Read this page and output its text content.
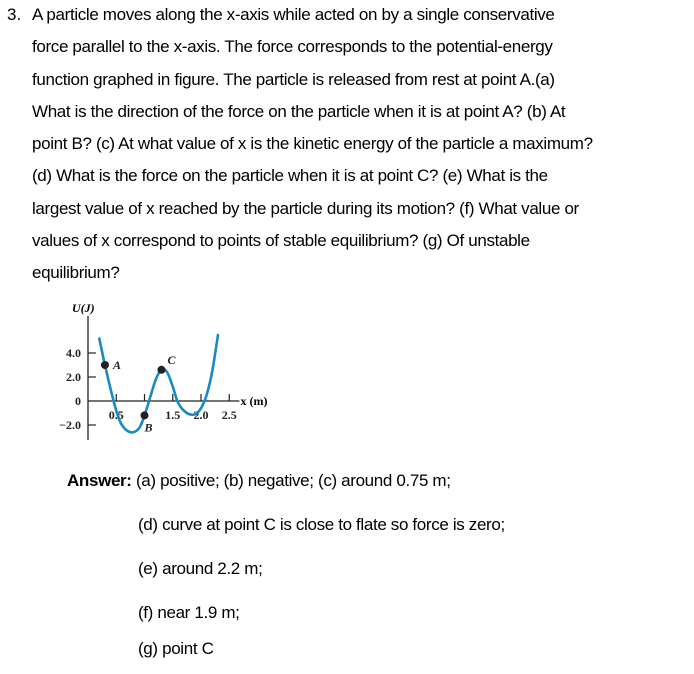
3. A particle moves along the x-axis while acted on by a single conservative
force parallel to the x-axis. The force corresponds to the potential-energy
function graphed in figure. The particle is released from rest at point A.(a)
What is the direction of the force on the particle when it is at point A? (b) At
point B? (c) At what value of x is the kinetic energy of the particle a maximum?
(d) What is the force on the particle when it is at point C? (e) What is the
largest value of x reached by the particle during its motion? (f) What value or
values of x correspond to points of stable equilibrium? (g) Of unstable
equilibrium?
4.0
2.0
0
−2.0
0.5	1.5 2.0 2.5
A
B
C
U(J)
x (m)
Answer: (a) positive; (b) negative; (c) around 0.75 m;
(d) curve at point C is close to flate so force is zero;
(e) around 2.2 m;
(f) near 1.9 m;
(g) point C
